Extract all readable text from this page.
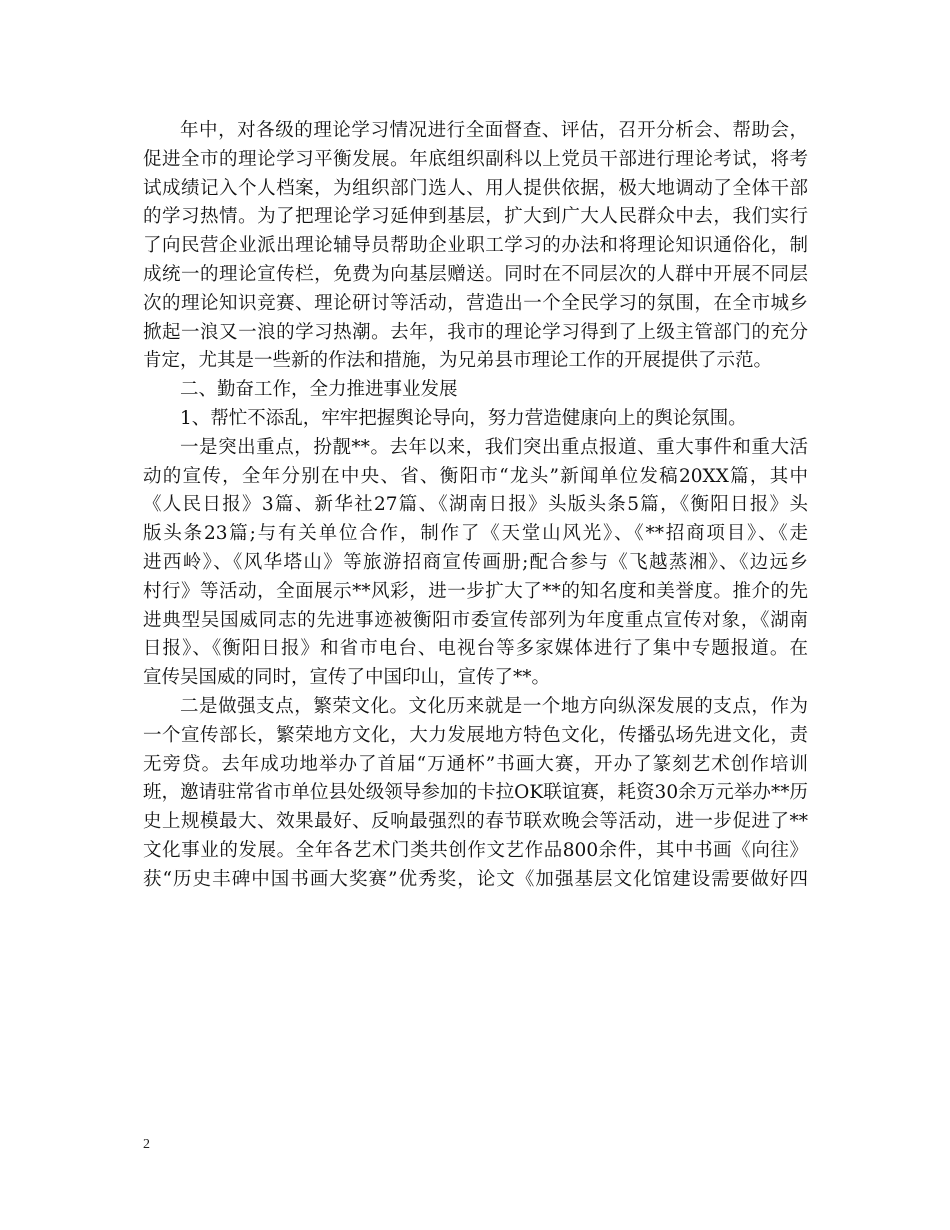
年中，对各级的理论学习情况进行全面督查、评估，召开分析会、帮助会，
促进全市的理论学习平衡发展。年底组织副科以上党员干部进行理论考试，将考
试成绩记入个人档案，为组织部门选人、用人提供依据，极大地调动了全体干部
的学习热情。为了把理论学习延伸到基层，扩大到广大人民群众中去，我们实行
了向民营企业派出理论辅导员帮助企业职工学习的办法和将理论知识通俗化，制
成统一的理论宣传栏，免费为向基层赠送。同时在不同层次的人群中开展不同层
次的理论知识竞赛、理论研讨等活动，营造出一个全民学习的氛围，在全市城乡
掀起一浪又一浪的学习热潮。去年，我市的理论学习得到了上级主管部门的充分
肯定，尤其是一些新的作法和措施，为兄弟县市理论工作的开展提供了示范。
二、勤奋工作，全力推进事业发展
1、帮忙不添乱，牢牢把握舆论导向，努力营造健康向上的舆论氛围。
一是突出重点，扮靓**。去年以来，我们突出重点报道、重大事件和重大活
动的宣传，全年分别在中央、省、衡阳市“龙头”新闻单位发稿20XX篇，其中
《人民日报》3篇、新华社27篇、《湖南日报》头版头条5篇，《衡阳日报》头
版头条23篇;与有关单位合作，制作了《天堂山风光》、《**招商项目》、《走
进西岭》、《风华塔山》等旅游招商宣传画册;配合参与《飞越蒸湘》、《边远乡
村行》等活动，全面展示**风彩，进一步扩大了**的知名度和美誉度。推介的先
进典型吴国威同志的先进事迹被衡阳市委宣传部列为年度重点宣传对象，《湖南
日报》、《衡阳日报》和省市电台、电视台等多家媒体进行了集中专题报道。在
宣传吴国威的同时，宣传了中国印山，宣传了**。
二是做强支点，繁荣文化。文化历来就是一个地方向纵深发展的支点，作为
一个宣传部长，繁荣地方文化，大力发展地方特色文化，传播弘场先进文化，责
无旁贷。去年成功地举办了首届“万通杯”书画大赛，开办了篆刻艺术创作培训
班，邀请驻常省市单位县处级领导参加的卡拉OK联谊赛，耗资30余万元举办**历
史上规模最大、效果最好、反响最强烈的春节联欢晚会等活动，进一步促进了**
文化事业的发展。全年各艺术门类共创作文艺作品800余件，其中书画《向往》
获“历史丰碑中国书画大奖赛”优秀奖，论文《加强基层文化馆建设需要做好四
2
